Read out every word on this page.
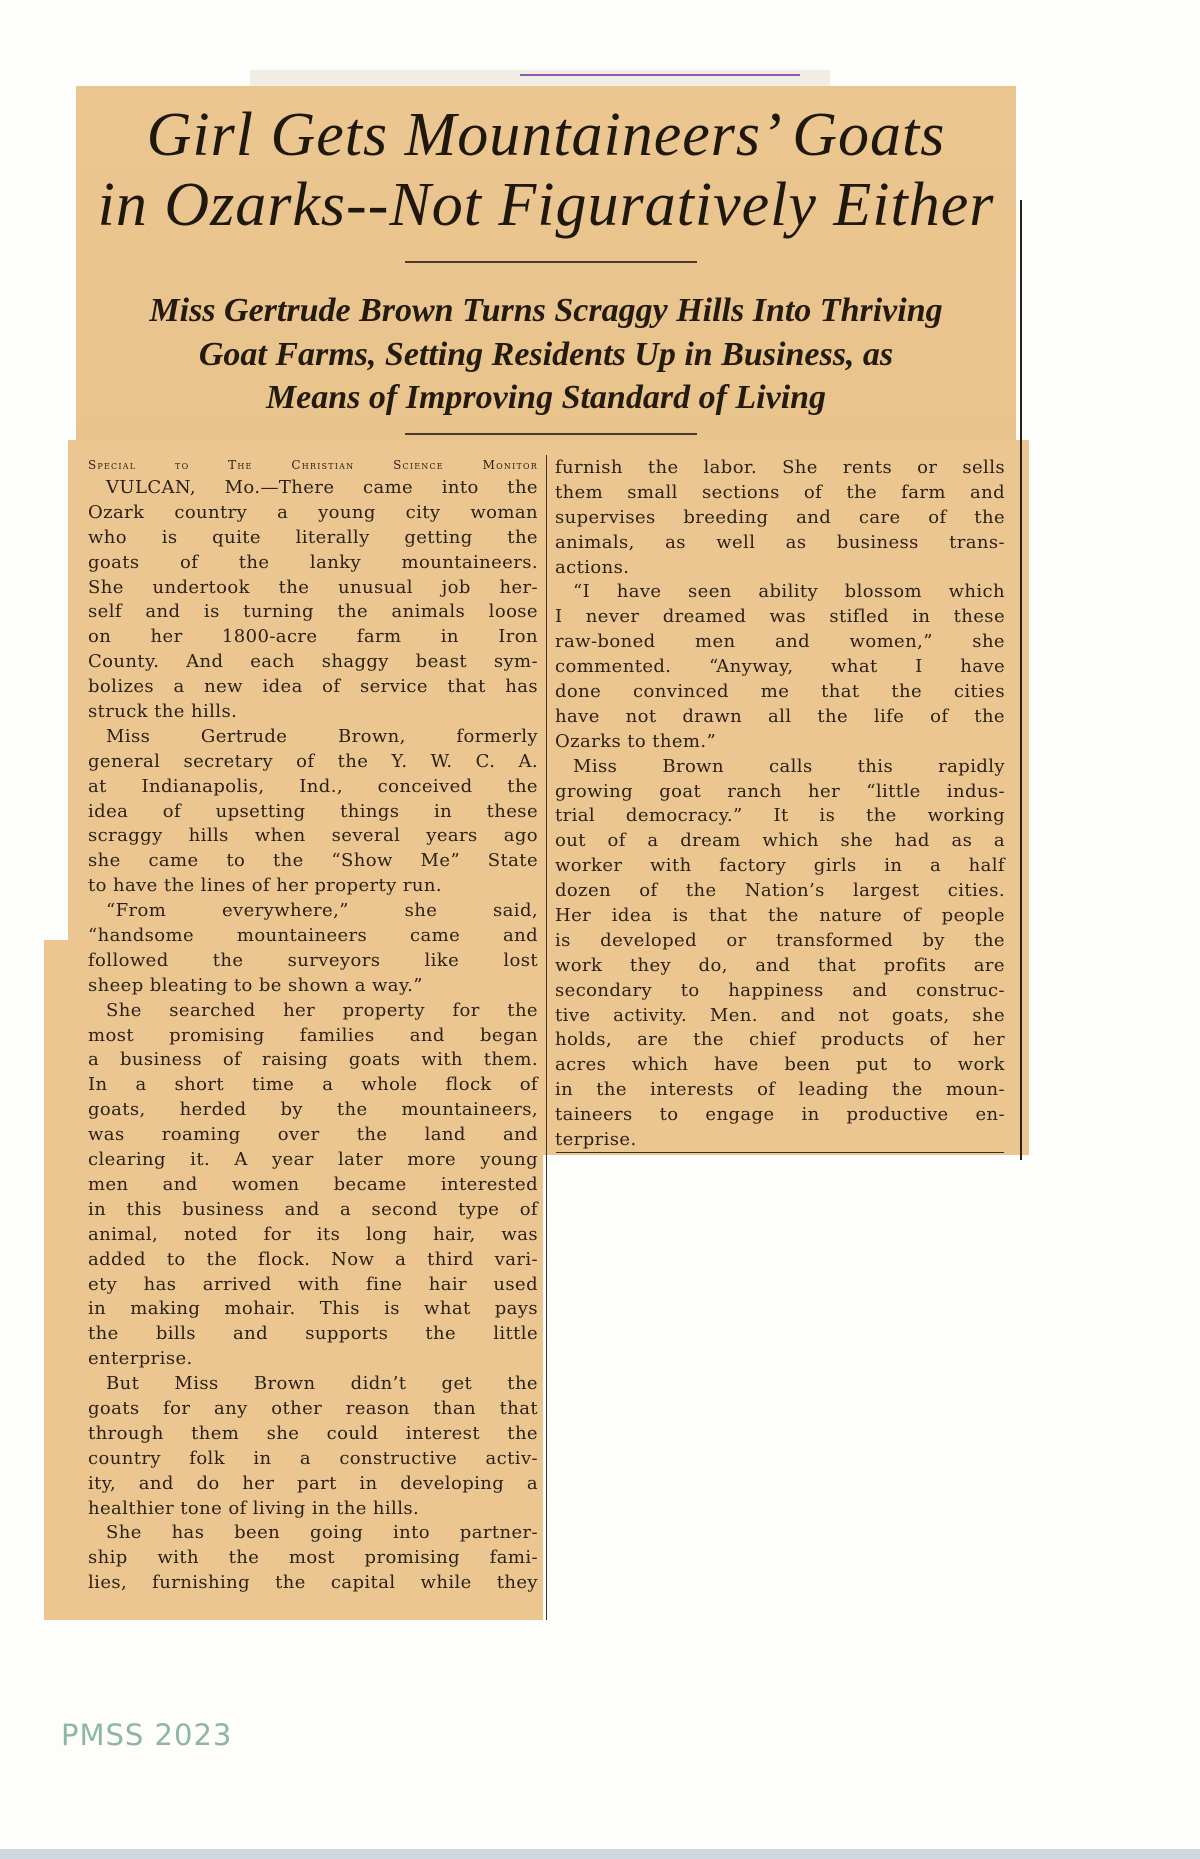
Girl Gets Mountaineers’ Goats
in Ozarks--Not Figuratively Either
Miss Gertrude Brown Turns Scraggy Hills Into Thriving
Goat Farms, Setting Residents Up in Business, as
Means of Improving Standard of Living
Special to The Christian Science Monitor
VULCAN, Mo.—There came into the
Ozark country a young city woman
who is quite literally getting the
goats of the lanky mountaineers.
She undertook the unusual job her-
self and is turning the animals loose
on her 1800-acre farm in Iron
County. And each shaggy beast sym-
bolizes a new idea of service that has
struck the hills.
Miss Gertrude Brown, formerly
general secretary of the Y. W. C. A.
at Indianapolis, Ind., conceived the
idea of upsetting things in these
scraggy hills when several years ago
she came to the “Show Me” State
to have the lines of her property run.
“From everywhere,” she said,
“handsome mountaineers came and
followed the surveyors like lost
sheep bleating to be shown a way.”
She searched her property for the
most promising families and began
a business of raising goats with them.
In a short time a whole flock of
goats, herded by the mountaineers,
was roaming over the land and
clearing it. A year later more young
men and women became interested
in this business and a second type of
animal, noted for its long hair, was
added to the flock. Now a third vari-
ety has arrived with fine hair used
in making mohair. This is what pays
the bills and supports the little
enterprise.
But Miss Brown didn’t get the
goats for any other reason than that
through them she could interest the
country folk in a constructive activ-
ity, and do her part in developing a
healthier tone of living in the hills.
She has been going into partner-
ship with the most promising fami-
lies, furnishing the capital while they
furnish the labor. She rents or sells
them small sections of the farm and
supervises breeding and care of the
animals, as well as business trans-
actions.
“I have seen ability blossom which
I never dreamed was stifled in these
raw-boned men and women,” she
commented. “Anyway, what I have
done convinced me that the cities
have not drawn all the life of the
Ozarks to them.”
Miss Brown calls this rapidly
growing goat ranch her “little indus-
trial democracy.” It is the working
out of a dream which she had as a
worker with factory girls in a half
dozen of the Nation’s largest cities.
Her idea is that the nature of people
is developed or transformed by the
work they do, and that profits are
secondary to happiness and construc-
tive activity. Men. and not goats, she
holds, are the chief products of her
acres which have been put to work
in the interests of leading the moun-
taineers to engage in productive en-
terprise.
PMSS 2023
